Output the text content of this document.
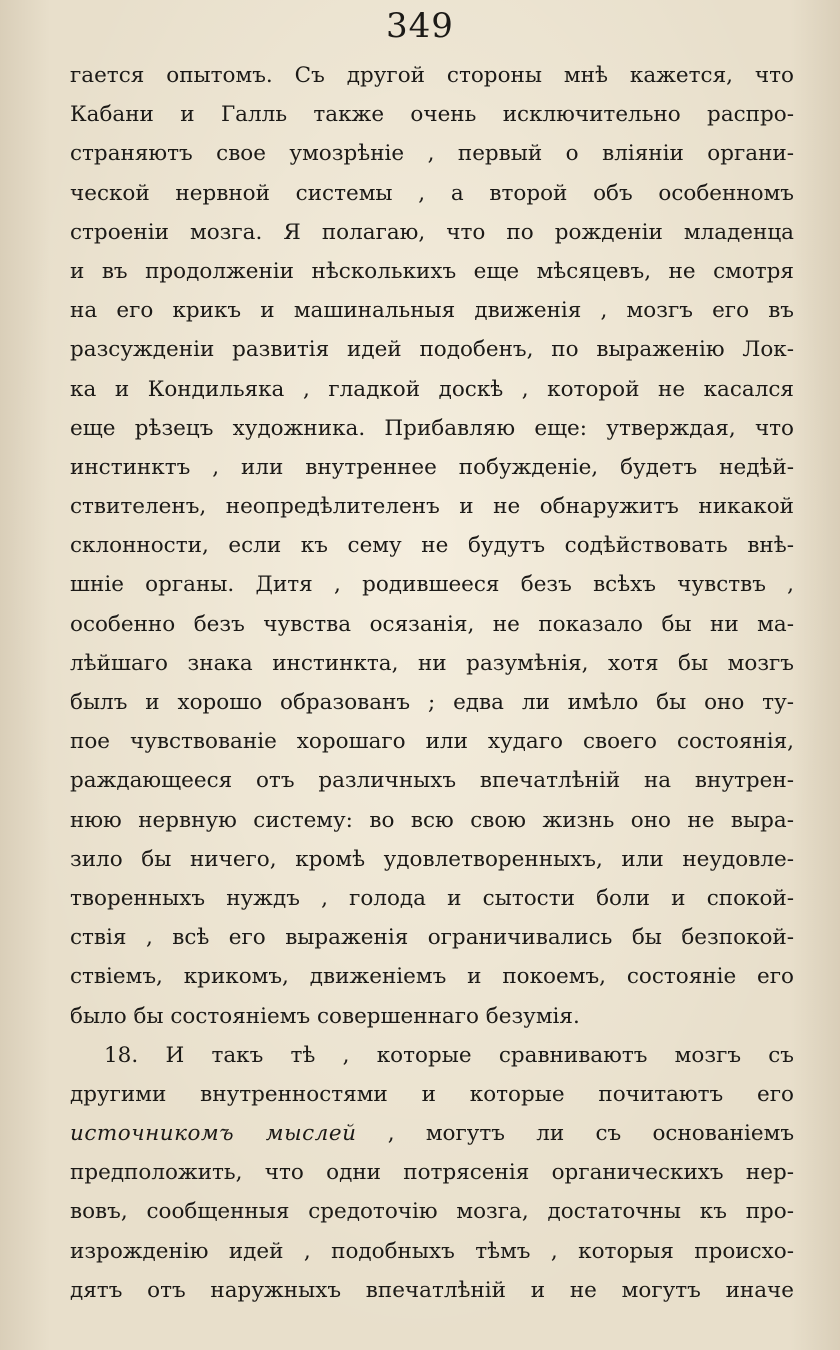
349
гается опытомъ. Съ другой стороны мнѣ кажется, что
Кабани и Галль также очень исключительно распро-
страняютъ свое умозрѣніе , первый о вліяніи органи-
ческой нервной системы , а второй объ особенномъ
строеніи мозга. Я полагаю, что по рожденіи младенца
и въ продолженіи нѣсколькихъ еще мѣсяцевъ, не смотря
на его крикъ и машинальныя движенія , мозгъ его въ
разсужденіи развитія идей подобенъ, по выраженію Лок-
ка и Кондильяка , гладкой доскѣ , которой не касался
еще рѣзецъ художника. Прибавляю еще: утверждая, что
инстинктъ , или внутреннее побужденіе, будетъ недѣй-
ствителенъ, неопредѣлителенъ и не обнаружитъ никакой
склонности, если къ сему не будутъ содѣйствовать внѣ-
шніе органы. Дитя , родившееся безъ всѣхъ чувствъ ,
особенно безъ чувства осязанія, не показало бы ни ма-
лѣйшаго знака инстинкта, ни разумѣнія, хотя бы мозгъ
былъ и хорошо образованъ ; едва ли имѣло бы оно ту-
пое чувствованіе хорошаго или худаго своего состоянія,
раждающееся отъ различныхъ впечатлѣній на внутрен-
нюю нервную систему: во всю свою жизнь оно не выра-
зило бы ничего, кромѣ удовлетворенныхъ, или неудовле-
творенныхъ нуждъ , голода и сытости боли и спокой-
ствія , всѣ его выраженія ограничивались бы безпокой-
ствіемъ, крикомъ, движеніемъ и покоемъ, состояніе его
было бы состояніемъ совершеннаго безумія.
18. И такъ тѣ , которые сравниваютъ мозгъ съ
другими внутренностями и которые почитаютъ его
источникомъ мыслей , могутъ ли съ основаніемъ
предположить, что одни потрясенія органическихъ нер-
вовъ, сообщенныя средоточію мозга, достаточны къ про-
изрожденію идей , подобныхъ тѣмъ , которыя происхо-
дятъ отъ наружныхъ впечатлѣній и не могутъ иначе
